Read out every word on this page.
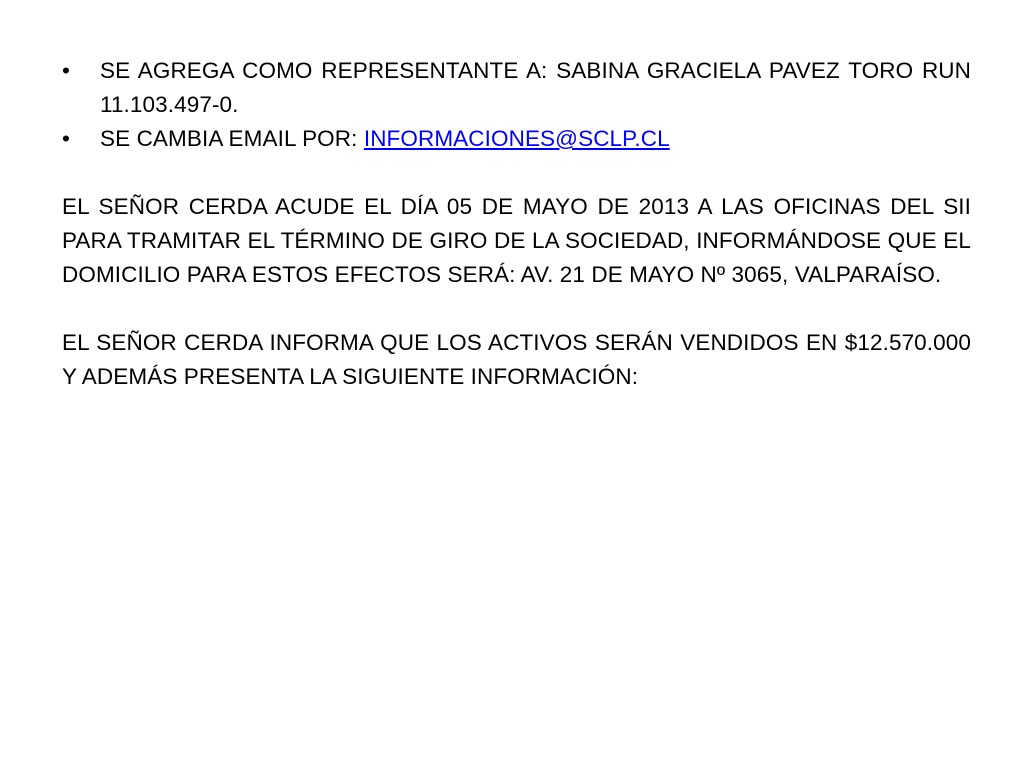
• SE AGREGA COMO REPRESENTANTE A: SABINA GRACIELA PAVEZ TORO RUN 11.103.497-0.
• SE CAMBIA EMAIL POR: INFORMACIONES@SCLP.CL

EL SEÑOR CERDA ACUDE EL DÍA 05 DE MAYO DE 2013 A LAS OFICINAS DEL SII PARA TRAMITAR EL TÉRMINO DE GIRO DE LA SOCIEDAD, INFORMÁNDOSE QUE EL DOMICILIO PARA ESTOS EFECTOS SERÁ: AV. 21 DE MAYO Nº 3065, VALPARAÍSO.

EL SEÑOR CERDA INFORMA QUE LOS ACTIVOS SERÁN VENDIDOS EN $12.570.000 Y ADEMÁS PRESENTA LA SIGUIENTE INFORMACIÓN:
